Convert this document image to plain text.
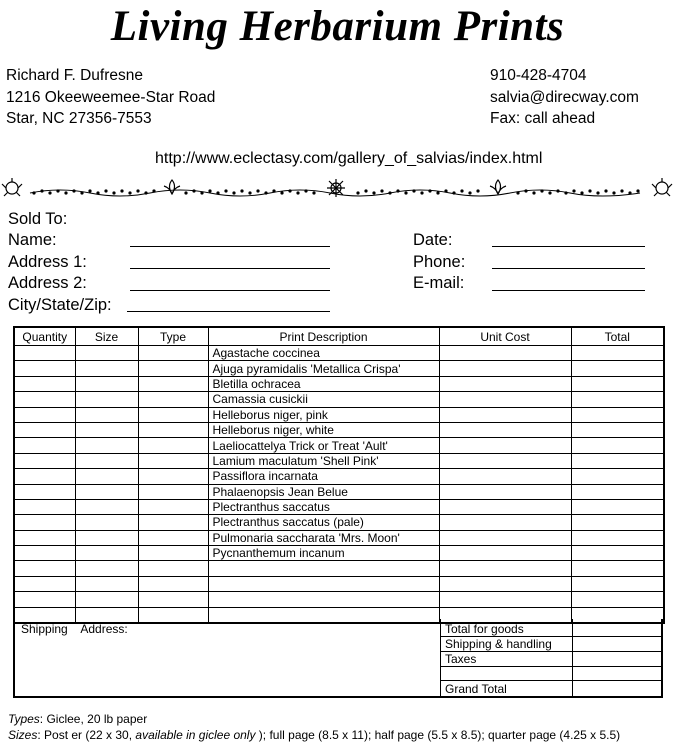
Living Herbarium Prints
Richard F. Dufresne
1216 Okeeweemee-Star Road
Star, NC 27356-7553
910-428-4704
salvia@direcway.com
Fax: call ahead
http://www.eclectasy.com/gallery_of_salvias/index.html
Sold To:
Name:
Address 1:
Address 2:
City/State/Zip:
Date:
Phone:
E-mail:
Quantity	Size	Type	Print Description	Unit Cost	Total
			Agastache coccinea		
			Ajuga pyramidalis 'Metallica Crispa'		
			Bletilla ochracea		
			Camassia cusickii		
			Helleborus niger, pink		
			Helleborus niger, white		
			Laeliocattelya Trick or Treat 'Ault'		
			Lamium maculatum 'Shell Pink'		
			Passiflora incarnata		
			Phalaenopsis Jean Belue		
			Plectranthus saccatus		
			Plectranthus saccatus (pale)		
			Pulmonaria saccharata 'Mrs. Moon'		
			Pycnanthemum incanum		

Shipping    Address:	Total for goods
Shipping & handling
Taxes
Grand Total
Types: Giclee, 20 lb paper
Sizes: Post er (22 x 30, available in giclee only ); full page (8.5 x 11); half page (5.5 x 8.5); quarter page (4.25 x 5.5)
